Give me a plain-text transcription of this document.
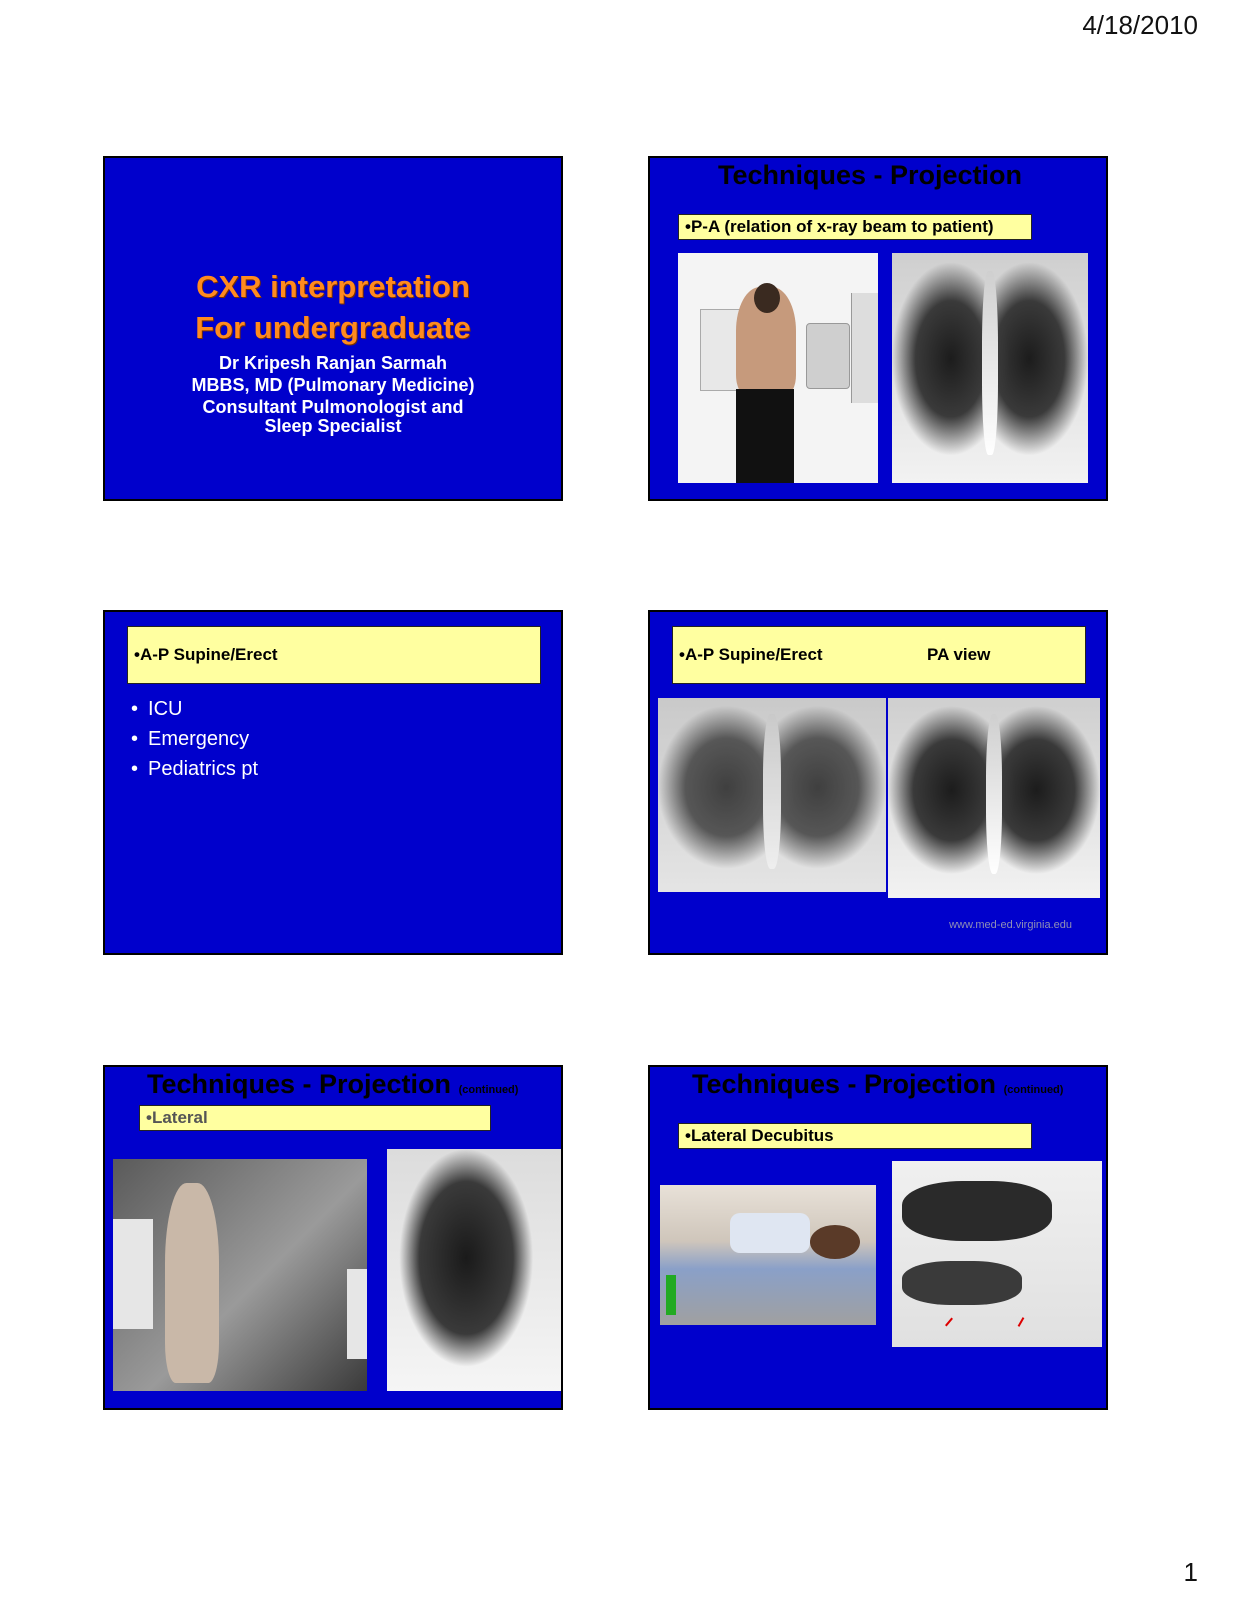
4/18/2010
CXR interpretation
For undergraduate
Dr Kripesh Ranjan Sarmah
MBBS, MD (Pulmonary Medicine)
Consultant Pulmonologist and
Sleep Specialist
Techniques - Projection
•P-A (relation of x-ray beam to patient)
•A-P Supine/Erect
• ICU
• Emergency
• Pediatrics pt
•A-P Supine/Erect	PA view
www.med-ed.virginia.edu
Techniques - Projection (continued)
•Lateral
Techniques - Projection (continued)
•Lateral Decubitus
1
